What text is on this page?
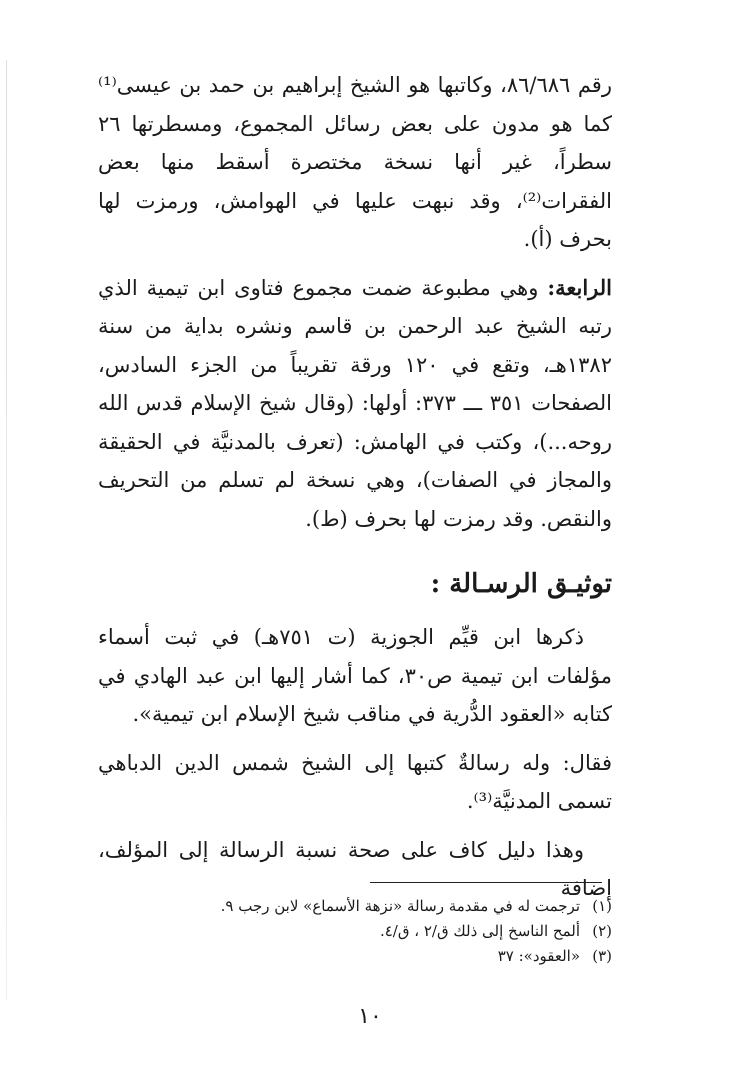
رقم ٨٦/٦٨٦، وكاتبها هو الشيخ إبراهيم بن حمد بن عيسى⁽¹⁾ كما هو مدون على بعض رسائل المجموع، ومسطرتها ٢٦ سطراً، غير أنها نسخة مختصرة أسقط منها بعض الفقرات⁽²⁾، وقد نبهت عليها في الهوامش، ورمزت لها بحرف (أ).

الرابعة: وهي مطبوعة ضمت مجموع فتاوى ابن تيمية الذي رتبه الشيخ عبد الرحمن بن قاسم ونشره بداية من سنة ١٣٨٢هـ، وتقع في ١٢٠ ورقة تقريباً من الجزء السادس، الصفحات ٣٥١ ـــ ٣٧٣: أولها: (وقال شيخ الإسلام قدس الله روحه...)، وكتب في الهامش: (تعرف بالمدنيَّة في الحقيقة والمجاز في الصفات)، وهي نسخة لم تسلم من التحريف والنقص. وقد رمزت لها بحرف (ط).

توثيـق الرسـالة :

ذكرها ابن قيِّم الجوزية (ت ٧٥١هـ) في ثبت أسماء مؤلفات ابن تيمية ص٣٠، كما أشار إليها ابن عبد الهادي في كتابه «العقود الدُّرية في مناقب شيخ الإسلام ابن تيمية».

فقال: وله رسالةٌ كتبها إلى الشيخ شمس الدين الدباهي تسمى المدنيَّة⁽³⁾.

وهذا دليل كاف على صحة نسبة الرسالة إلى المؤلف، إضافة

(١)
ترجمت له في مقدمة رسالة «نزهة الأسماع» لابن رجب ٩.
(٢)
ألمح الناسخ إلى ذلك ق/٢ ، ق/٤.
(٣)
«العقود»: ٣٧
١٠
